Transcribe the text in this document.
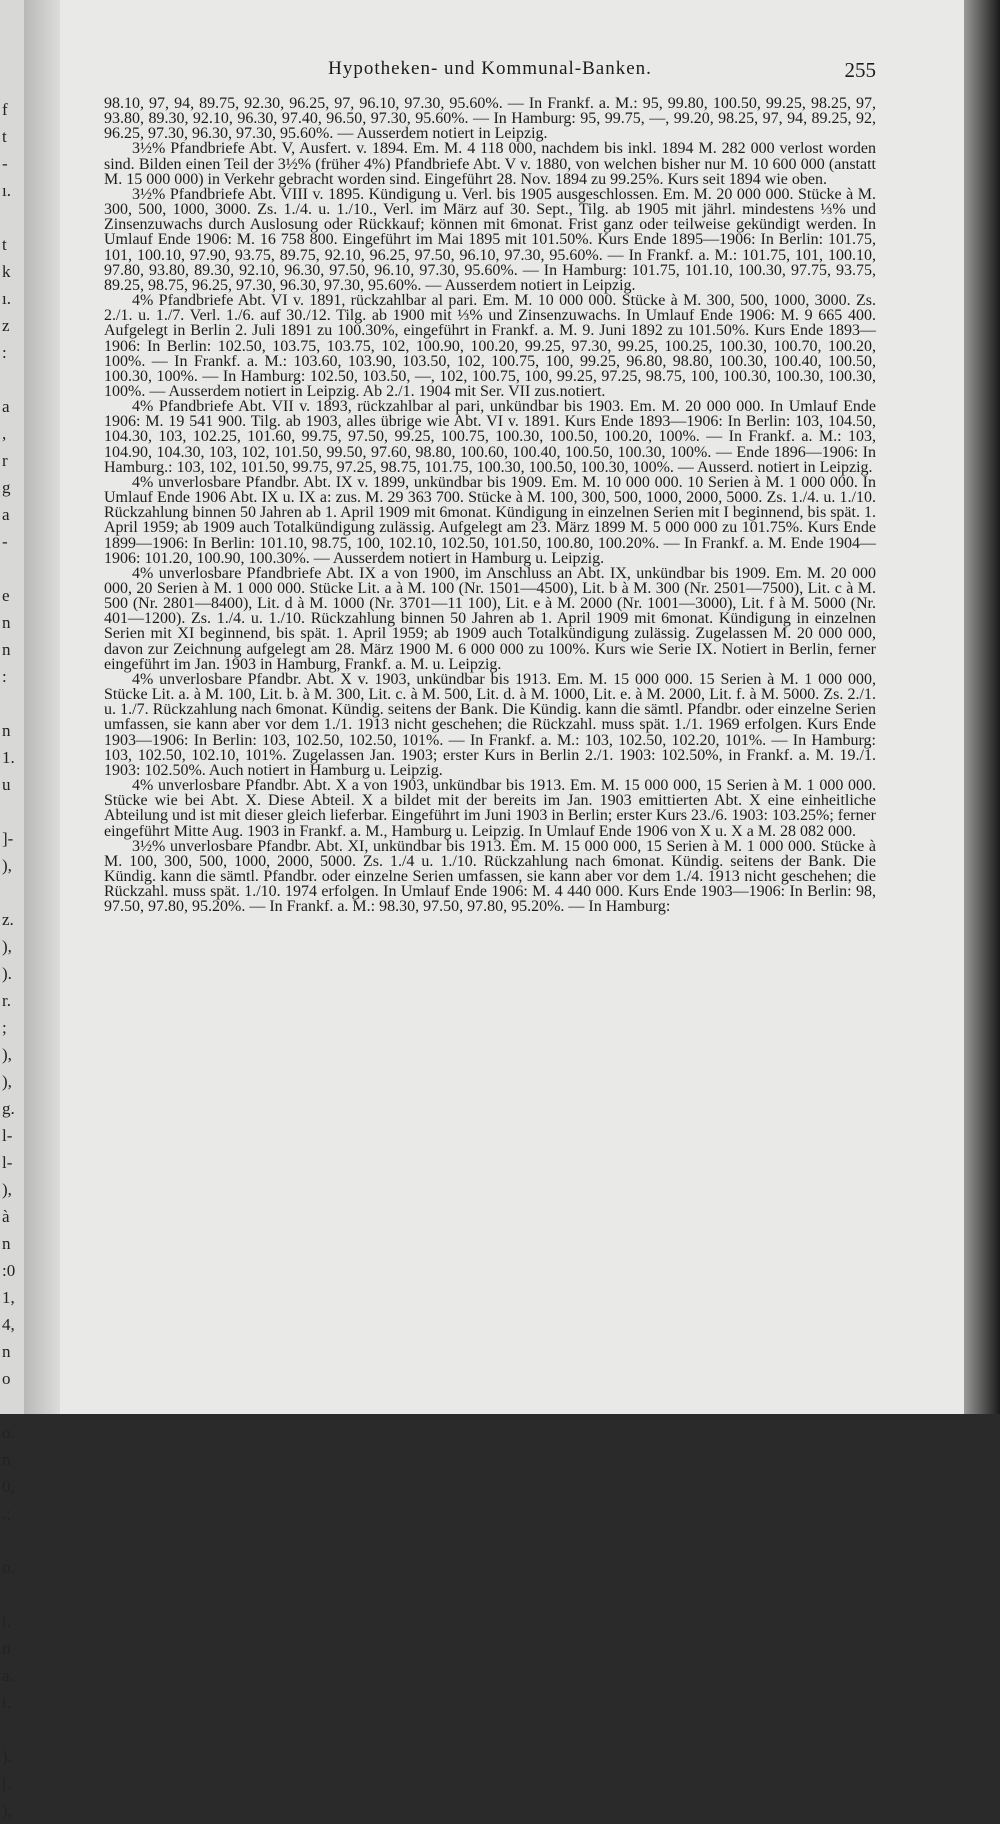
f
t
-
ı.
t
k
ı.
z
:
a
,
r
g
a
-
e
n
n
:
n
1.
u
]-
),
z.
),
).
r.
;
),
),
g.
l-
l-
),
à
n
:0
1,
4,
n
o
o.
n
0,
.;
o.
i.
n
a.
i.
).
[.
),
Hypotheken- und Kommunal-Banken.	255

98.10, 97, 94, 89.75, 92.30, 96.25, 97, 96.10, 97.30, 95.60%. — In Frankf. a. M.: 95, 99.80, 100.50, 99.25, 98.25, 97, 93.80, 89.30, 92.10, 96.30, 97.40, 96.50, 97.30, 95.60%. — In Hamburg: 95, 99.75, —, 99.20, 98.25, 97, 94, 89.25, 92, 96.25, 97.30, 96.30, 97.30, 95.60%. — Ausserdem notiert in Leipzig.

3½% Pfandbriefe Abt. V, Ausfert. v. 1894. Em. M. 4 118 000, nachdem bis inkl. 1894 M. 282 000 verlost worden sind. Bilden einen Teil der 3½% (früher 4%) Pfandbriefe Abt. V v. 1880, von welchen bisher nur M. 10 600 000 (anstatt M. 15 000 000) in Verkehr gebracht worden sind. Eingeführt 28. Nov. 1894 zu 99.25%. Kurs seit 1894 wie oben.

3½% Pfandbriefe Abt. VIII v. 1895. Kündigung u. Verl. bis 1905 ausgeschlossen. Em. M. 20 000 000. Stücke à M. 300, 500, 1000, 3000. Zs. 1./4. u. 1./10., Verl. im März auf 30. Sept., Tilg. ab 1905 mit jährl. mindestens ⅓% und Zinsenzuwachs durch Auslosung oder Rückkauf; können mit 6monat. Frist ganz oder teilweise gekündigt werden. In Umlauf Ende 1906: M. 16 758 800. Eingeführt im Mai 1895 mit 101.50%. Kurs Ende 1895—1906: In Berlin: 101.75, 101, 100.10, 97.90, 93.75, 89.75, 92.10, 96.25, 97.50, 96.10, 97.30, 95.60%. — In Frankf. a. M.: 101.75, 101, 100.10, 97.80, 93.80, 89.30, 92.10, 96.30, 97.50, 96.10, 97.30, 95.60%. — In Hamburg: 101.75, 101.10, 100.30, 97.75, 93.75, 89.25, 98.75, 96.25, 97.30, 96.30, 97.30, 95.60%. — Ausserdem notiert in Leipzig.

4% Pfandbriefe Abt. VI v. 1891, rückzahlbar al pari. Em. M. 10 000 000. Stücke à M. 300, 500, 1000, 3000. Zs. 2./1. u. 1./7. Verl. 1./6. auf 30./12. Tilg. ab 1900 mit ⅓% und Zinsenzuwachs. In Umlauf Ende 1906: M. 9 665 400. Aufgelegt in Berlin 2. Juli 1891 zu 100.30%, eingeführt in Frankf. a. M. 9. Juni 1892 zu 101.50%. Kurs Ende 1893—1906: In Berlin: 102.50, 103.75, 103.75, 102, 100.90, 100.20, 99.25, 97.30, 99.25, 100.25, 100.30, 100.70, 100.20, 100%. — In Frankf. a. M.: 103.60, 103.90, 103.50, 102, 100.75, 100, 99.25, 96.80, 98.80, 100.30, 100.40, 100.50, 100.30, 100%. — In Hamburg: 102.50, 103.50, —, 102, 100.75, 100, 99.25, 97.25, 98.75, 100, 100.30, 100.30, 100.30, 100%. — Ausserdem notiert in Leipzig. Ab 2./1. 1904 mit Ser. VII zus.notiert.

4% Pfandbriefe Abt. VII v. 1893, rückzahlbar al pari, unkündbar bis 1903. Em. M. 20 000 000. In Umlauf Ende 1906: M. 19 541 900. Tilg. ab 1903, alles übrige wie Abt. VI v. 1891. Kurs Ende 1893—1906: In Berlin: 103, 104.50, 104.30, 103, 102.25, 101.60, 99.75, 97.50, 99.25, 100.75, 100.30, 100.50, 100.20, 100%. — In Frankf. a. M.: 103, 104.90, 104.30, 103, 102, 101.50, 99.50, 97.60, 98.80, 100.60, 100.40, 100.50, 100.30, 100%. — Ende 1896—1906: In Hamburg.: 103, 102, 101.50, 99.75, 97.25, 98.75, 101.75, 100.30, 100.50, 100.30, 100%. — Ausserd. notiert in Leipzig.

4% unverlosbare Pfandbr. Abt. IX v. 1899, unkündbar bis 1909. Em. M. 10 000 000. 10 Serien à M. 1 000 000. In Umlauf Ende 1906 Abt. IX u. IX a: zus. M. 29 363 700. Stücke à M. 100, 300, 500, 1000, 2000, 5000. Zs. 1./4. u. 1./10. Rückzahlung binnen 50 Jahren ab 1. April 1909 mit 6monat. Kündigung in einzelnen Serien mit I beginnend, bis spät. 1. April 1959; ab 1909 auch Totalkündigung zulässig. Aufgelegt am 23. März 1899 M. 5 000 000 zu 101.75%. Kurs Ende 1899—1906: In Berlin: 101.10, 98.75, 100, 102.10, 102.50, 101.50, 100.80, 100.20%. — In Frankf. a. M. Ende 1904—1906: 101.20, 100.90, 100.30%. — Ausserdem notiert in Hamburg u. Leipzig.

4% unverlosbare Pfandbriefe Abt. IX a von 1900, im Anschluss an Abt. IX, unkündbar bis 1909. Em. M. 20 000 000, 20 Serien à M. 1 000 000. Stücke Lit. a à M. 100 (Nr. 1501—4500), Lit. b à M. 300 (Nr. 2501—7500), Lit. c à M. 500 (Nr. 2801—8400), Lit. d à M. 1000 (Nr. 3701—11 100), Lit. e à M. 2000 (Nr. 1001—3000), Lit. f à M. 5000 (Nr. 401—1200). Zs. 1./4. u. 1./10. Rückzahlung binnen 50 Jahren ab 1. April 1909 mit 6monat. Kündigung in einzelnen Serien mit XI beginnend, bis spät. 1. April 1959; ab 1909 auch Totalkündigung zulässig. Zugelassen M. 20 000 000, davon zur Zeichnung aufgelegt am 28. März 1900 M. 6 000 000 zu 100%. Kurs wie Serie IX. Notiert in Berlin, ferner eingeführt im Jan. 1903 in Hamburg, Frankf. a. M. u. Leipzig.

4% unverlosbare Pfandbr. Abt. X v. 1903, unkündbar bis 1913. Em. M. 15 000 000. 15 Serien à M. 1 000 000, Stücke Lit. a. à M. 100, Lit. b. à M. 300, Lit. c. à M. 500, Lit. d. à M. 1000, Lit. e. à M. 2000, Lit. f. à M. 5000. Zs. 2./1. u. 1./7. Rückzahlung nach 6monat. Kündig. seitens der Bank. Die Kündig. kann die sämtl. Pfandbr. oder einzelne Serien umfassen, sie kann aber vor dem 1./1. 1913 nicht geschehen; die Rückzahl. muss spät. 1./1. 1969 erfolgen. Kurs Ende 1903—1906: In Berlin: 103, 102.50, 102.50, 101%. — In Frankf. a. M.: 103, 102.50, 102.20, 101%. — In Hamburg: 103, 102.50, 102.10, 101%. Zugelassen Jan. 1903; erster Kurs in Berlin 2./1. 1903: 102.50%, in Frankf. a. M. 19./1. 1903: 102.50%. Auch notiert in Hamburg u. Leipzig.

4% unverlosbare Pfandbr. Abt. X a von 1903, unkündbar bis 1913. Em. M. 15 000 000, 15 Serien à M. 1 000 000. Stücke wie bei Abt. X. Diese Abteil. X a bildet mit der bereits im Jan. 1903 emittierten Abt. X eine einheitliche Abteilung und ist mit dieser gleich lieferbar. Eingeführt im Juni 1903 in Berlin; erster Kurs 23./6. 1903: 103.25%; ferner eingeführt Mitte Aug. 1903 in Frankf. a. M., Hamburg u. Leipzig. In Umlauf Ende 1906 von X u. X a M. 28 082 000.

3½% unverlosbare Pfandbr. Abt. XI, unkündbar bis 1913. Em. M. 15 000 000, 15 Serien à M. 1 000 000. Stücke à M. 100, 300, 500, 1000, 2000, 5000. Zs. 1./4 u. 1./10. Rückzahlung nach 6monat. Kündig. seitens der Bank. Die Kündig. kann die sämtl. Pfandbr. oder einzelne Serien umfassen, sie kann aber vor dem 1./4. 1913 nicht geschehen; die Rückzahl. muss spät. 1./10. 1974 erfolgen. In Umlauf Ende 1906: M. 4 440 000. Kurs Ende 1903—1906: In Berlin: 98, 97.50, 97.80, 95.20%. — In Frankf. a. M.: 98.30, 97.50, 97.80, 95.20%. — In Hamburg:
